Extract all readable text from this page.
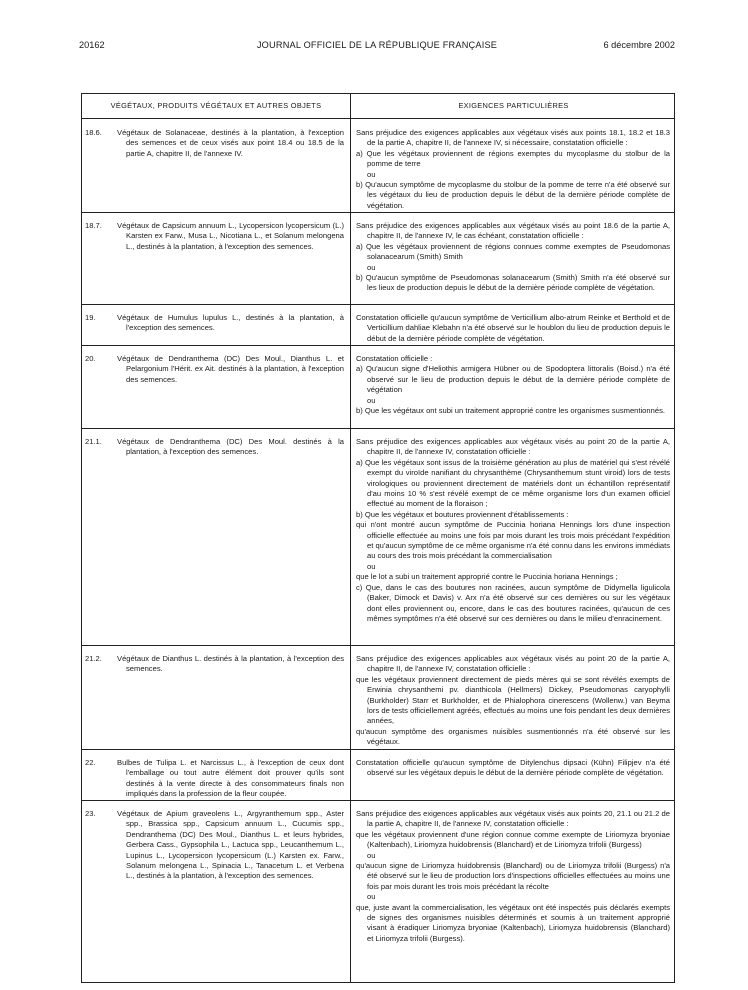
20162	JOURNAL OFFICIEL DE LA RÉPUBLIQUE FRANÇAISE	6 décembre 2002
VÉGÉTAUX, PRODUITS VÉGÉTAUX ET AUTRES OBJETS	EXIGENCES PARTICULIÈRES
18.6.	Végétaux de Solanaceae, destinés à la plantation, à l'exception des semences et de ceux visés aux point 18.4 ou 18.5 de la partie A, chapitre II, de l'annexe IV.

Sans préjudice des exigences applicables aux végétaux visés aux points 18.1, 18.2 et 18.3 de la partie A, chapitre II, de l'annexe IV, si nécessaire, constatation officielle :

a) Que les végétaux proviennent de régions exemptes du mycoplasme du stolbur de la pomme de terre

ou

b) Qu'aucun symptôme de mycoplasme du stolbur de la pomme de terre n'a été observé sur les végétaux du lieu de production depuis le début de la dernière période complète de végétation.

18.7.	Végétaux de Capsicum annuum L., Lycopersicon lycopersicum (L.) Karsten ex Farw., Musa L., Nicotiana L., et Solanum melongena L., destinés à la plantation, à l'exception des semences.

Sans préjudice des exigences applicables aux végétaux visés au point 18.6 de la partie A, chapitre II, de l'annexe IV, le cas échéant, constatation officielle :

a) Que les végétaux proviennent de régions connues comme exemptes de Pseudomonas solanacearum (Smith) Smith

ou

b) Qu'aucun symptôme de Pseudomonas solanacearum (Smith) Smith n'a été observé sur les lieux de production depuis le début de la dernière période complète de végétation.

19.	Végétaux de Humulus lupulus L., destinés à la plantation, à l'exception des semences.

Constatation officielle qu'aucun symptôme de Verticillium albo-atrum Reinke et Berthold et de Verticillium dahliae Klebahn n'a été observé sur le houblon du lieu de production depuis le début de la dernière période complète de végétation.

20.	Végétaux de Dendranthema (DC) Des Moul., Dianthus L. et Pelargonium l'Hérit. ex Ait. destinés à la plantation, à l'exception des semences.

Constatation officielle :

a) Qu'aucun signe d'Heliothis armigera Hübner ou de Spodoptera littoralis (Boisd.) n'a été observé sur le lieu de production depuis le début de la dernière période complète de végétation

ou

b) Que les végétaux ont subi un traitement approprié contre les organismes susmentionnés.

21.1.	Végétaux de Dendranthema (DC) Des Moul. destinés à la plantation, à l'exception des semences.

Sans préjudice des exigences applicables aux végétaux visés au point 20 de la partie A, chapitre II, de l'annexe IV, constatation officielle :

a) Que les végétaux sont issus de la troisième génération au plus de matériel qui s'est révélé exempt du viroïde nanifiant du chrysanthème (Chrysanthemum stunt viroid) lors de tests virologiques ou proviennent directement de matériels dont un échantillon représentatif d'au moins 10 % s'est révélé exempt de ce même organisme lors d'un examen officiel effectué au moment de la floraison ;

b) Que les végétaux et boutures proviennent d'établissements :

qui n'ont montré aucun symptôme de Puccinia horiana Hennings lors d'une inspection officielle effectuée au moins une fois par mois durant les trois mois précédant l'expédition et qu'aucun symptôme de ce même organisme n'a été connu dans les environs immédiats au cours des trois mois précédant la commercialisation

ou

que le lot a subi un traitement approprié contre le Puccinia horiana Hennings ;

c) Que, dans le cas des boutures non racinées, aucun symptôme de Didymella ligulicola (Baker, Dimock et Davis) v. Arx n'a été observé sur ces dernières ou sur les végétaux dont elles proviennent ou, encore, dans le cas des boutures racinées, qu'aucun de ces mêmes symptômes n'a été observé sur ces dernières ou dans le milieu d'enracinement.

21.2.	Végétaux de Dianthus L. destinés à la plantation, à l'exception des semences.

Sans préjudice des exigences applicables aux végétaux visés au point 20 de la partie A, chapitre II, de l'annexe IV, constatation officielle :

que les végétaux proviennent directement de pieds mères qui se sont révélés exempts de Erwinia chrysanthemi pv. dianthicola (Hellmers) Dickey, Pseudomonas caryophylli (Burkholder) Starr et Burkholder, et de Phialophora cinerescens (Wollenw.) van Beyma lors de tests officiellement agréés, effectués au moins une fois pendant les deux dernières années,

qu'aucun symptôme des organismes nuisibles susmentionnés n'a été observé sur les végétaux.

22.	Bulbes de Tulipa L. et Narcissus L., à l'exception de ceux dont l'emballage ou tout autre élément doit prouver qu'ils sont destinés à la vente directe à des consommateurs finals non impliqués dans la profession de la fleur coupée.

Constatation officielle qu'aucun symptôme de Ditylenchus dipsaci (Kühn) Filipjev n'a été observé sur les végétaux depuis le début de la dernière période complète de végétation.

23.	Végétaux de Apium graveolens L., Argyranthemum spp., Aster spp., Brassica spp., Capsicum annuum L., Cucumis spp., Dendranthema (DC) Des Moul., Dianthus L. et leurs hybrides, Gerbera Cass., Gypsophila L., Lactuca spp., Leucanthemum L., Lupinus L., Lycopersicon lycopersicum (L.) Karsten ex. Farw., Solanum melongena L., Spinacia L., Tanacetum L. et Verbena L., destinés à la plantation, à l'exception des semences.

Sans préjudice des exigences applicables aux végétaux visés aux points 20, 21.1 ou 21.2 de la partie A, chapitre II, de l'annexe IV, constatation officielle :

que les végétaux proviennent d'une région connue comme exempte de Liriomyza bryoniae (Kaltenbach), Liriomyza huidobrensis (Blanchard) et de Liriomyza trifolii (Burgess)

ou

qu'aucun signe de Liriomyza huidobrensis (Blanchard) ou de Liriomyza trifolii (Burgess) n'a été observé sur le lieu de production lors d'inspections officielles effectuées au moins une fois par mois durant les trois mois précédant la récolte

ou

que, juste avant la commercialisation, les végétaux ont été inspectés puis déclarés exempts de signes des organismes nuisibles déterminés et soumis à un traitement approprié visant à éradiquer Liriomyza bryoniae (Kaltenbach), Liriomyza huidobrensis (Blanchard) et Liriomyza trifolii (Burgess).
